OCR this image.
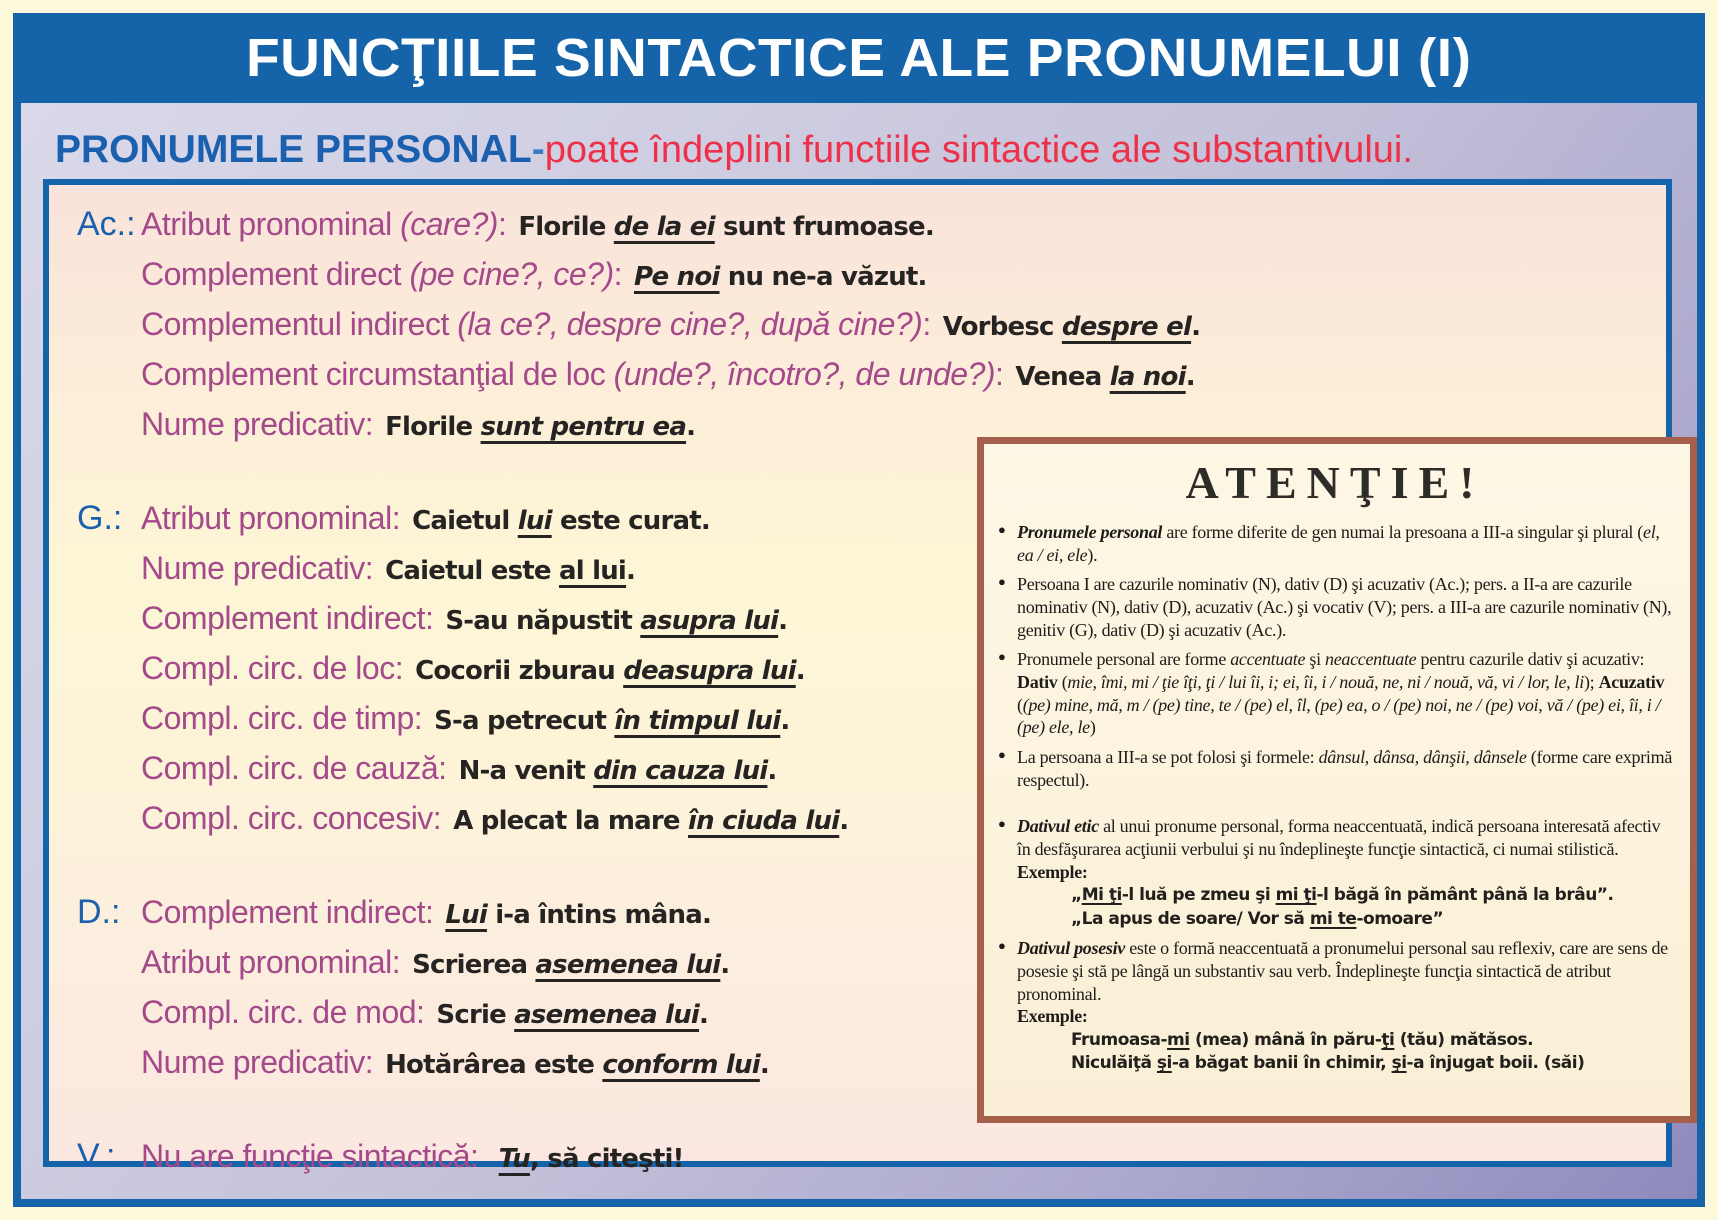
FUNCŢIILE SINTACTICE ALE PRONUMELUI (I)
PRONUMELE PERSONAL - poate îndeplini functiile sintactice ale substantivului.
Ac.: Atribut pronominal (care?): Florile de la ei sunt frumoase.
Complement direct (pe cine?, ce?): Pe noi nu ne-a văzut.
Complementul indirect (la ce?, despre cine?, după cine?): Vorbesc despre el.
Complement circumstanţial de loc (unde?, încotro?, de unde?): Venea la noi.
Nume predicativ: Florile sunt pentru ea.
G.: Atribut pronominal: Caietul lui este curat.
Nume predicativ: Caietul este al lui.
Complement indirect: S-au năpustit asupra lui.
Compl. circ. de loc: Cocorii zburau deasupra lui.
Compl. circ. de timp: S-a petrecut în timpul lui.
Compl. circ. de cauză: N-a venit din cauza lui.
Compl. circ. concesiv: A plecat la mare în ciuda lui.
D.: Complement indirect: Lui i-a întins mâna.
Atribut pronominal: Scrierea asemenea lui.
Compl. circ. de mod: Scrie asemenea lui.
Nume predicativ: Hotărârea este conform lui.
V.: Nu are funcţie sintactică: Tu, să citeşti!
ATENŢIE!
● Pronumele personal are forme diferite de gen numai la presoana a III-a singular şi plural (el, ea / ei, ele).
● Persoana I are cazurile nominativ (N), dativ (D) şi acuzativ (Ac.); pers. a II-a are cazurile nominativ (N), dativ (D), acuzativ (Ac.) şi vocativ (V); pers. a III-a are cazurile nominativ (N), genitiv (G), dativ (D) şi acuzativ (Ac.).
● Pronumele personal are forme accentuate şi neaccentuate pentru cazurile dativ şi acuzativ: Dativ (mie, îmi, mi / ţie îţi, ţi / lui îi, i; ei, îi, i / nouă, ne, ni / nouă, vă, vi / lor, le, li); Acuzativ ((pe) mine, mă, m / (pe) tine, te / (pe) el, îl, (pe) ea, o / (pe) noi, ne / (pe) voi, vă / (pe) ei, îi, i / (pe) ele, le)
● La persoana a III-a se pot folosi şi formele: dânsul, dânsa, dânşii, dânsele (forme care exprimă respectul).
● Dativul etic al unui pronume personal, forma neaccentuată, indică persoana interesată afectiv în desfăşurarea acţiunii verbului şi nu îndeplineşte funcţie sintactică, ci numai stilistică.
Exemple:
„Mi ţi-l luă pe zmeu şi mi ţi-l băgă în pământ până la brâu”.
„La apus de soare/ Vor să mi te-omoare”
● Dativul posesiv este o formă neaccentuată a pronumelui personal sau reflexiv, care are sens de posesie şi stă pe lângă un substantiv sau verb. Îndeplineşte funcţia sintactică de atribut pronominal.
Exemple:
Frumoasa-mi (mea) mână în păru-ţi (tău) mătăsos.
Niculăiţă şi-a băgat banii în chimir, şi-a înjugat boii. (săi)
